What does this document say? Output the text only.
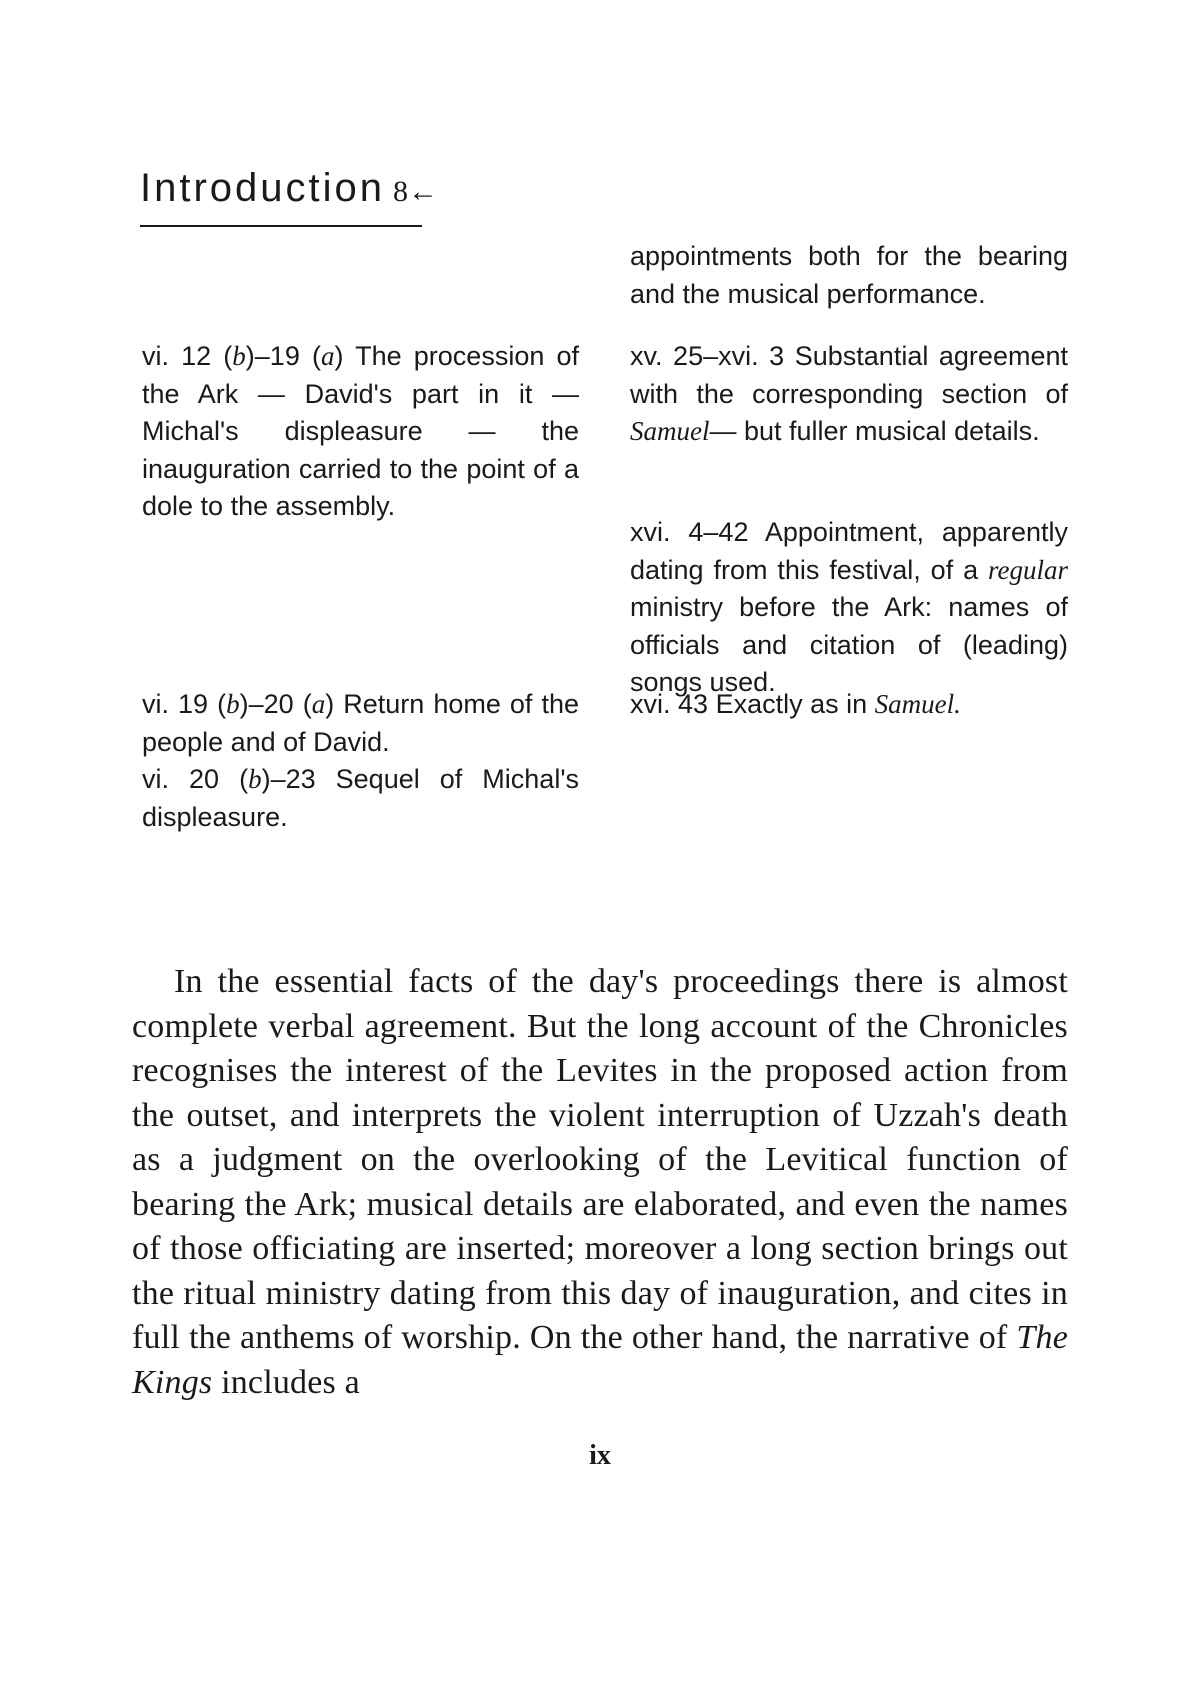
Introduction 8←
vi. 12 (b)–19 (a) The procession of the Ark — David's part in it — Michal's displeasure — the inauguration carried to the point of a dole to the assembly.
vi. 19 (b)–20 (a) Return home of the people and of David.
vi. 20 (b)–23 Sequel of Michal's displeasure.
appointments both for the bearing and the musical performance.
xv. 25–xvi. 3 Substantial agreement with the corresponding section of Samuel— but fuller musical details.
xvi. 4–42 Appointment, apparently dating from this festival, of a regular ministry before the Ark: names of officials and citation of (leading) songs used.
xvi. 43 Exactly as in Samuel.

In the essential facts of the day's proceedings there is almost complete verbal agreement. But the long account of the Chronicles recognises the interest of the Levites in the proposed action from the outset, and interprets the violent interruption of Uzzah's death as a judgment on the overlooking of the Levitical function of bearing the Ark; musical details are elaborated, and even the names of those officiating are inserted; moreover a long section brings out the ritual ministry dating from this day of inauguration, and cites in full the anthems of worship. On the other hand, the narrative of The Kings includes a

ix
